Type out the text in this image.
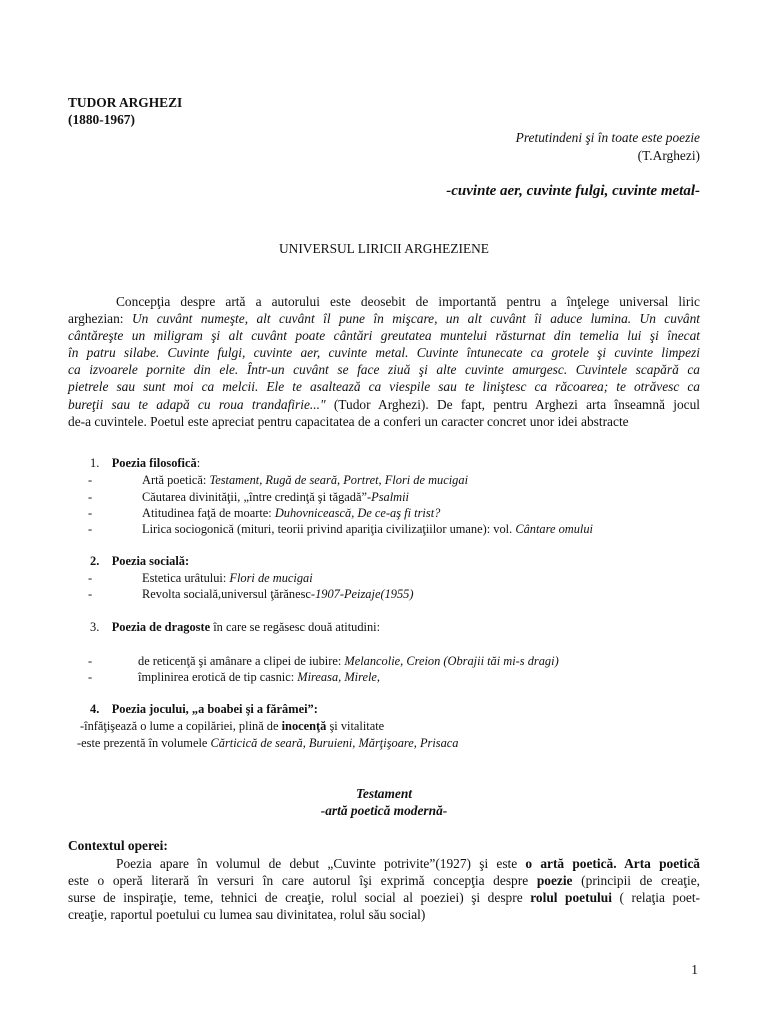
TUDOR ARGHEZI
(1880-1967)
Pretutindeni şi în toate este poezie
(T.Arghezi)
-cuvinte aer, cuvinte fulgi, cuvinte metal-
UNIVERSUL LIRICII ARGHEZIENE
Concepţia despre artă a autorului este deosebit de importantă pentru a înţelege universal liric
arghezian: Un cuvânt numeşte, alt cuvânt îl pune în mişcare, un alt cuvânt îi aduce lumina. Un cuvânt
cântăreşte un miligram şi alt cuvânt poate cântări greutatea muntelui răsturnat din temelia lui şi înecat
în patru silabe. Cuvinte fulgi, cuvinte aer, cuvinte metal. Cuvinte întunecate ca grotele şi cuvinte limpezi
ca izvoarele pornite din ele. Într-un cuvânt se face ziuă şi alte cuvinte amurgesc. Cuvintele scapără ca
pietrele sau sunt moi ca melcii. Ele te asaltează ca viespile sau te liniştesc ca răcoarea; te otrăvesc ca
bureţii sau te adapă cu roua trandafirie..." (Tudor Arghezi). De fapt, pentru Arghezi arta înseamnă jocul
de-a cuvintele. Poetul este apreciat pentru capacitatea de a conferi un caracter concret unor idei abstracte
1. Poezia filosofică:
-	Artă poetică: Testament, Rugă de seară, Portret, Flori de mucigai
-	Căutarea divinităţii, „între credinţă şi tăgadă”-Psalmii
-	Atitudinea faţă de moarte: Duhovnicească, De ce-aş fi trist?
-	Lirica sociogonică (mituri, teorii privind apariţia civilizaţiilor umane): vol. Cântare omului
2. Poezia socială:
-	Estetica urâtului: Flori de mucigai
-	Revolta socială,universul ţărănesc-1907-Peizaje(1955)
3. Poezia de dragoste în care se regăsesc două atitudini:
-	de reticenţă şi amânare a clipei de iubire: Melancolie, Creion (Obrajii tăi mi-s dragi)
-	împlinirea erotică de tip casnic: Mireasa, Mirele,
4. Poezia jocului, „a boabei şi a fărâmei”:
-înfăţişează o lume a copilăriei, plină de inocenţă şi vitalitate
-este prezentă în volumele Cărticică de seară, Buruieni, Mărţişoare, Prisaca
Testament
-artă poetică modernă-
Contextul operei:
Poezia apare în volumul de debut „Cuvinte potrivite”(1927) şi este o artă poetică. Arta poetică
este o operă literară în versuri în care autorul îşi exprimă concepţia despre poezie (principii de creaţie,
surse de inspiraţie, teme, tehnici de creaţie, rolul social al poeziei) şi despre rolul poetului ( relaţia poet-
creaţie, raportul poetului cu lumea sau divinitatea, rolul său social)
1
